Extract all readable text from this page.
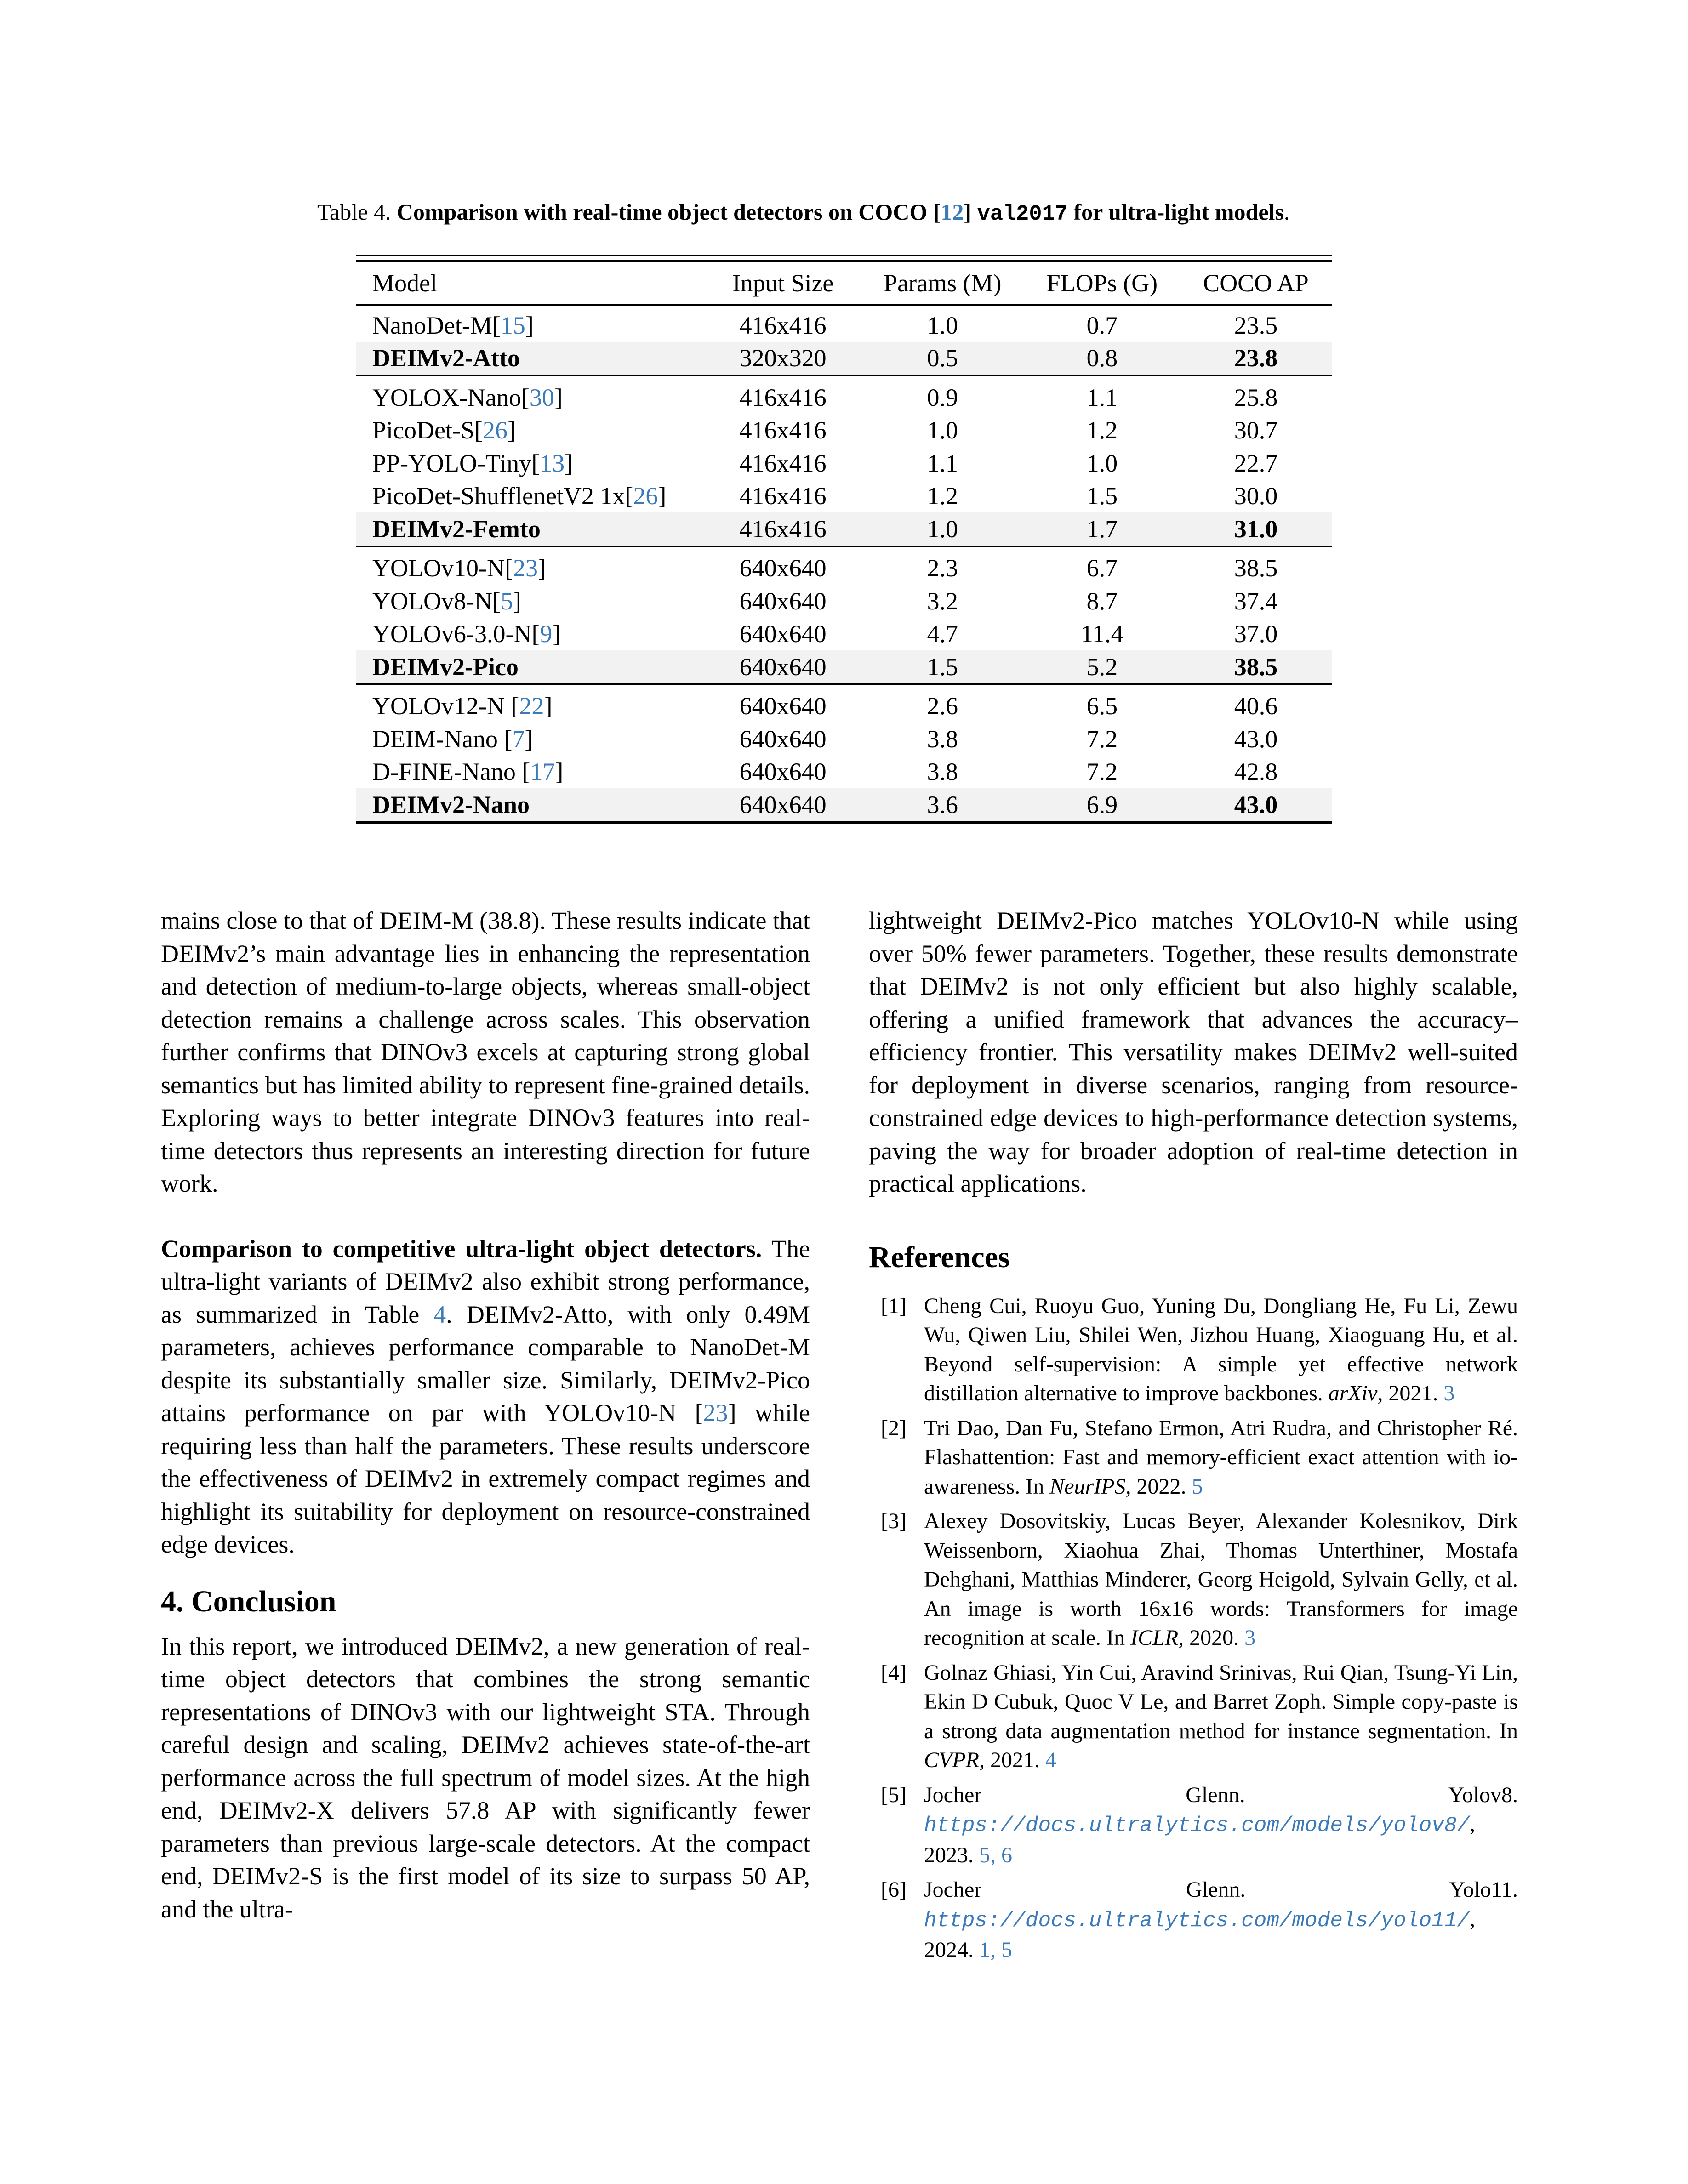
Table 4. Comparison with real-time object detectors on COCO [12] val2017 for ultra-light models.
Model	Input Size	Params (M)	FLOPs (G)	COCO AP
NanoDet-M[15]	416x416	1.0	0.7	23.5
DEIMv2-Atto	320x320	0.5	0.8	23.8
YOLOX-Nano[30]	416x416	0.9	1.1	25.8
PicoDet-S[26]	416x416	1.0	1.2	30.7
PP-YOLO-Tiny[13]	416x416	1.1	1.0	22.7
PicoDet-ShufflenetV2 1x[26]	416x416	1.2	1.5	30.0
DEIMv2-Femto	416x416	1.0	1.7	31.0
YOLOv10-N[23]	640x640	2.3	6.7	38.5
YOLOv8-N[5]	640x640	3.2	8.7	37.4
YOLOv6-3.0-N[9]	640x640	4.7	11.4	37.0
DEIMv2-Pico	640x640	1.5	5.2	38.5
YOLOv12-N [22]	640x640	2.6	6.5	40.6
DEIM-Nano [7]	640x640	3.8	7.2	43.0
D-FINE-Nano [17]	640x640	3.8	7.2	42.8
DEIMv2-Nano	640x640	3.6	6.9	43.0

mains close to that of DEIM-M (38.8). These results indicate that DEIMv2’s main advantage lies in enhancing the representation and detection of medium-to-large objects, whereas small-object detection remains a challenge across scales. This observation further confirms that DINOv3 excels at capturing strong global semantics but has limited ability to represent fine-grained details. Exploring ways to better integrate DINOv3 features into real-time detectors thus represents an interesting direction for future work.

Comparison to competitive ultra-light object detectors. The ultra-light variants of DEIMv2 also exhibit strong performance, as summarized in Table 4. DEIMv2-Atto, with only 0.49M parameters, achieves performance comparable to NanoDet-M despite its substantially smaller size. Similarly, DEIMv2-Pico attains performance on par with YOLOv10-N [23] while requiring less than half the parameters. These results underscore the effectiveness of DEIMv2 in extremely compact regimes and highlight its suitability for deployment on resource-constrained edge devices.

4. Conclusion

In this report, we introduced DEIMv2, a new generation of real-time object detectors that combines the strong semantic representations of DINOv3 with our lightweight STA. Through careful design and scaling, DEIMv2 achieves state-of-the-art performance across the full spectrum of model sizes. At the high end, DEIMv2-X delivers 57.8 AP with significantly fewer parameters than previous large-scale detectors. At the compact end, DEIMv2-S is the first model of its size to surpass 50 AP, and the ultra-

lightweight DEIMv2-Pico matches YOLOv10-N while using over 50% fewer parameters. Together, these results demonstrate that DEIMv2 is not only efficient but also highly scalable, offering a unified framework that advances the accuracy–efficiency frontier. This versatility makes DEIMv2 well-suited for deployment in diverse scenarios, ranging from resource-constrained edge devices to high-performance detection systems, paving the way for broader adoption of real-time detection in practical applications.

References
[1] Cheng Cui, Ruoyu Guo, Yuning Du, Dongliang He, Fu Li, Zewu Wu, Qiwen Liu, Shilei Wen, Jizhou Huang, Xiaoguang Hu, et al. Beyond self-supervision: A simple yet effective network distillation alternative to improve backbones. arXiv, 2021. 3
[2] Tri Dao, Dan Fu, Stefano Ermon, Atri Rudra, and Christopher Ré. Flashattention: Fast and memory-efficient exact attention with io-awareness. In NeurIPS, 2022. 5
[3] Alexey Dosovitskiy, Lucas Beyer, Alexander Kolesnikov, Dirk Weissenborn, Xiaohua Zhai, Thomas Unterthiner, Mostafa Dehghani, Matthias Minderer, Georg Heigold, Sylvain Gelly, et al. An image is worth 16x16 words: Transformers for image recognition at scale. In ICLR, 2020. 3
[4] Golnaz Ghiasi, Yin Cui, Aravind Srinivas, Rui Qian, Tsung-Yi Lin, Ekin D Cubuk, Quoc V Le, and Barret Zoph. Simple copy-paste is a strong data augmentation method for instance segmentation. In CVPR, 2021. 4
[5] Jocher Glenn. Yolov8. https://docs.ultralytics.com/models/yolov8/, 2023. 5, 6
[6] Jocher Glenn. Yolo11. https://docs.ultralytics.com/models/yolo11/, 2024. 1, 5
